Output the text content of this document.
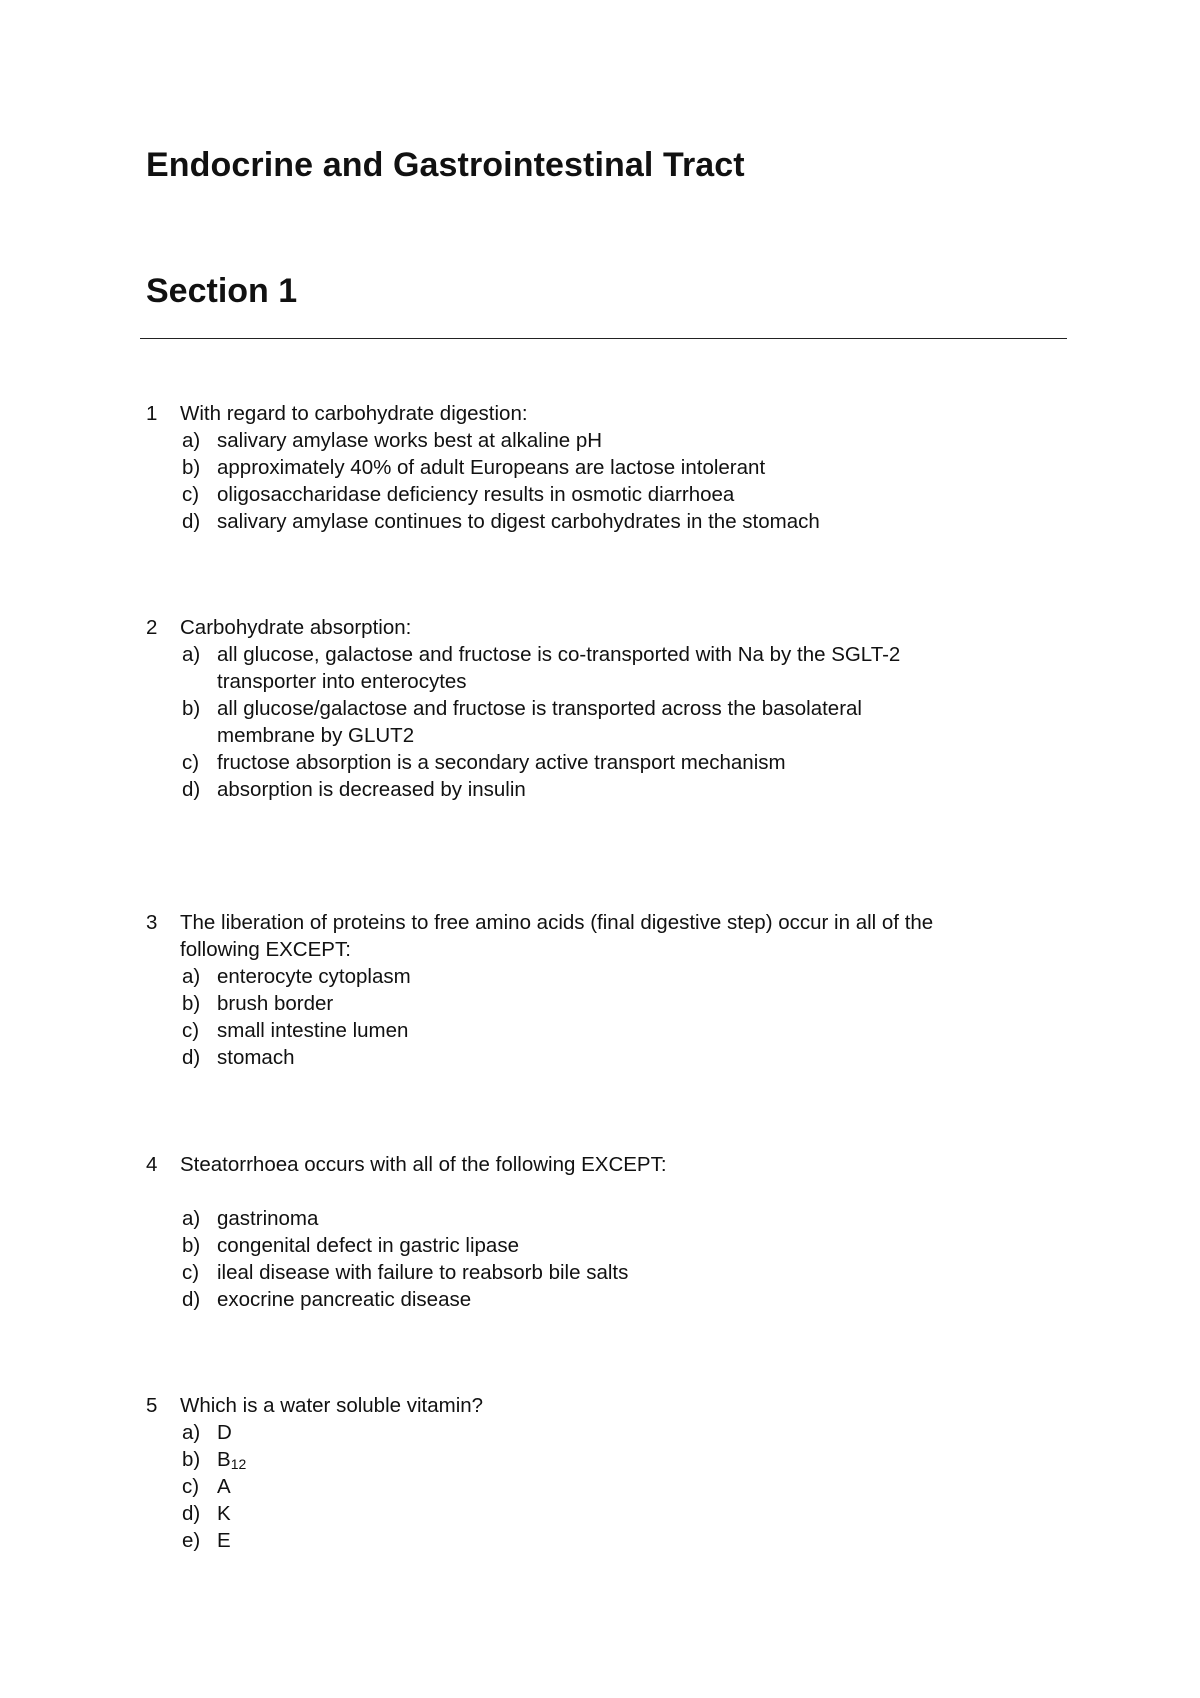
Endocrine and Gastrointestinal Tract
Section 1
1 With regard to carbohydrate digestion:
a) salivary amylase works best at alkaline pH
b) approximately 40% of adult Europeans are lactose intolerant
c) oligosaccharidase deficiency results in osmotic diarrhoea
d) salivary amylase continues to digest carbohydrates in the stomach
2 Carbohydrate absorption:
a) all glucose, galactose and fructose is co-transported with Na by the SGLT-2
transporter into enterocytes
b) all glucose/galactose and fructose is transported across the basolateral
membrane by GLUT2
c) fructose absorption is a secondary active transport mechanism
d) absorption is decreased by insulin
3 The liberation of proteins to free amino acids (final digestive step) occur in all of the
following EXCEPT:
a) enterocyte cytoplasm
b) brush border
c) small intestine lumen
d) stomach
4 Steatorrhoea occurs with all of the following EXCEPT:
a) gastrinoma
b) congenital defect in gastric lipase
c) ileal disease with failure to reabsorb bile salts
d) exocrine pancreatic disease
5 Which is a water soluble vitamin?
a) D
b) $B_{12}$
c) A
d) K
e) E
